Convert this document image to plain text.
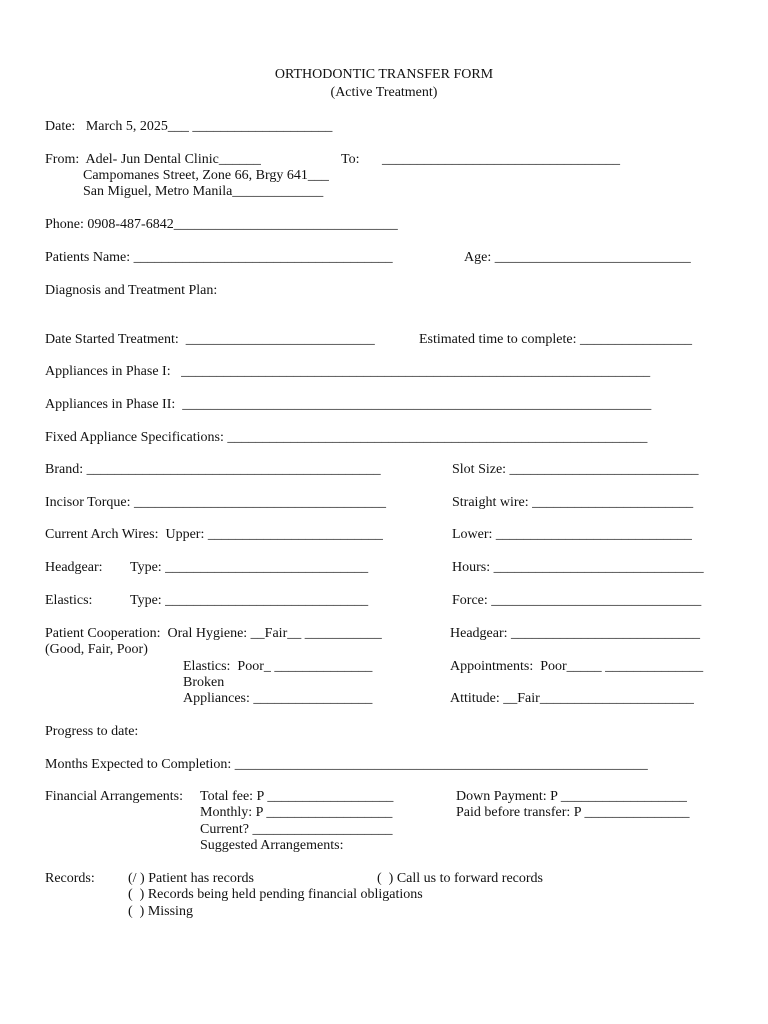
ORTHODONTIC TRANSFER FORM
(Active Treatment)
Date:   March 5, 2025___ ____________________
From:  Adel- Jun Dental Clinic______	To: __________________________________
Campomanes Street, Zone 66, Brgy 641___
San Miguel, Metro Manila_____________
Phone: 0908-487-6842________________________________
Patients Name: _____________________________________	Age: ____________________________
Diagnosis and Treatment Plan:
Date Started Treatment:  ___________________________	Estimated time to complete: ________________
Appliances in Phase I:   ___________________________________________________________________
Appliances in Phase II:  ___________________________________________________________________
Fixed Appliance Specifications: ____________________________________________________________
Brand: __________________________________________	Slot Size: ___________________________
Incisor Torque: ____________________________________	Straight wire: _______________________
Current Arch Wires:  Upper: _________________________	Lower: ____________________________
Headgear: Type: _____________________________	Hours: ______________________________
Elastics:	Type: _____________________________	Force: ______________________________
Patient Cooperation:  Oral Hygiene: __Fair__ ___________	Headgear: ___________________________
(Good, Fair, Poor)
Elastics:  Poor_ ______________	Appointments:  Poor_____ ______________
Broken
Appliances: _________________	Attitude: __Fair______________________
Progress to date:
Months Expected to Completion: ___________________________________________________________
Financial Arrangements: Total fee: P __________________	Down Payment: P __________________
Monthly: P __________________	Paid before transfer: P _______________
Current? ____________________
Suggested Arrangements:
Records: (/ ) Patient has records	(  ) Call us to forward records
(  ) Records being held pending financial obligations
(  ) Missing
